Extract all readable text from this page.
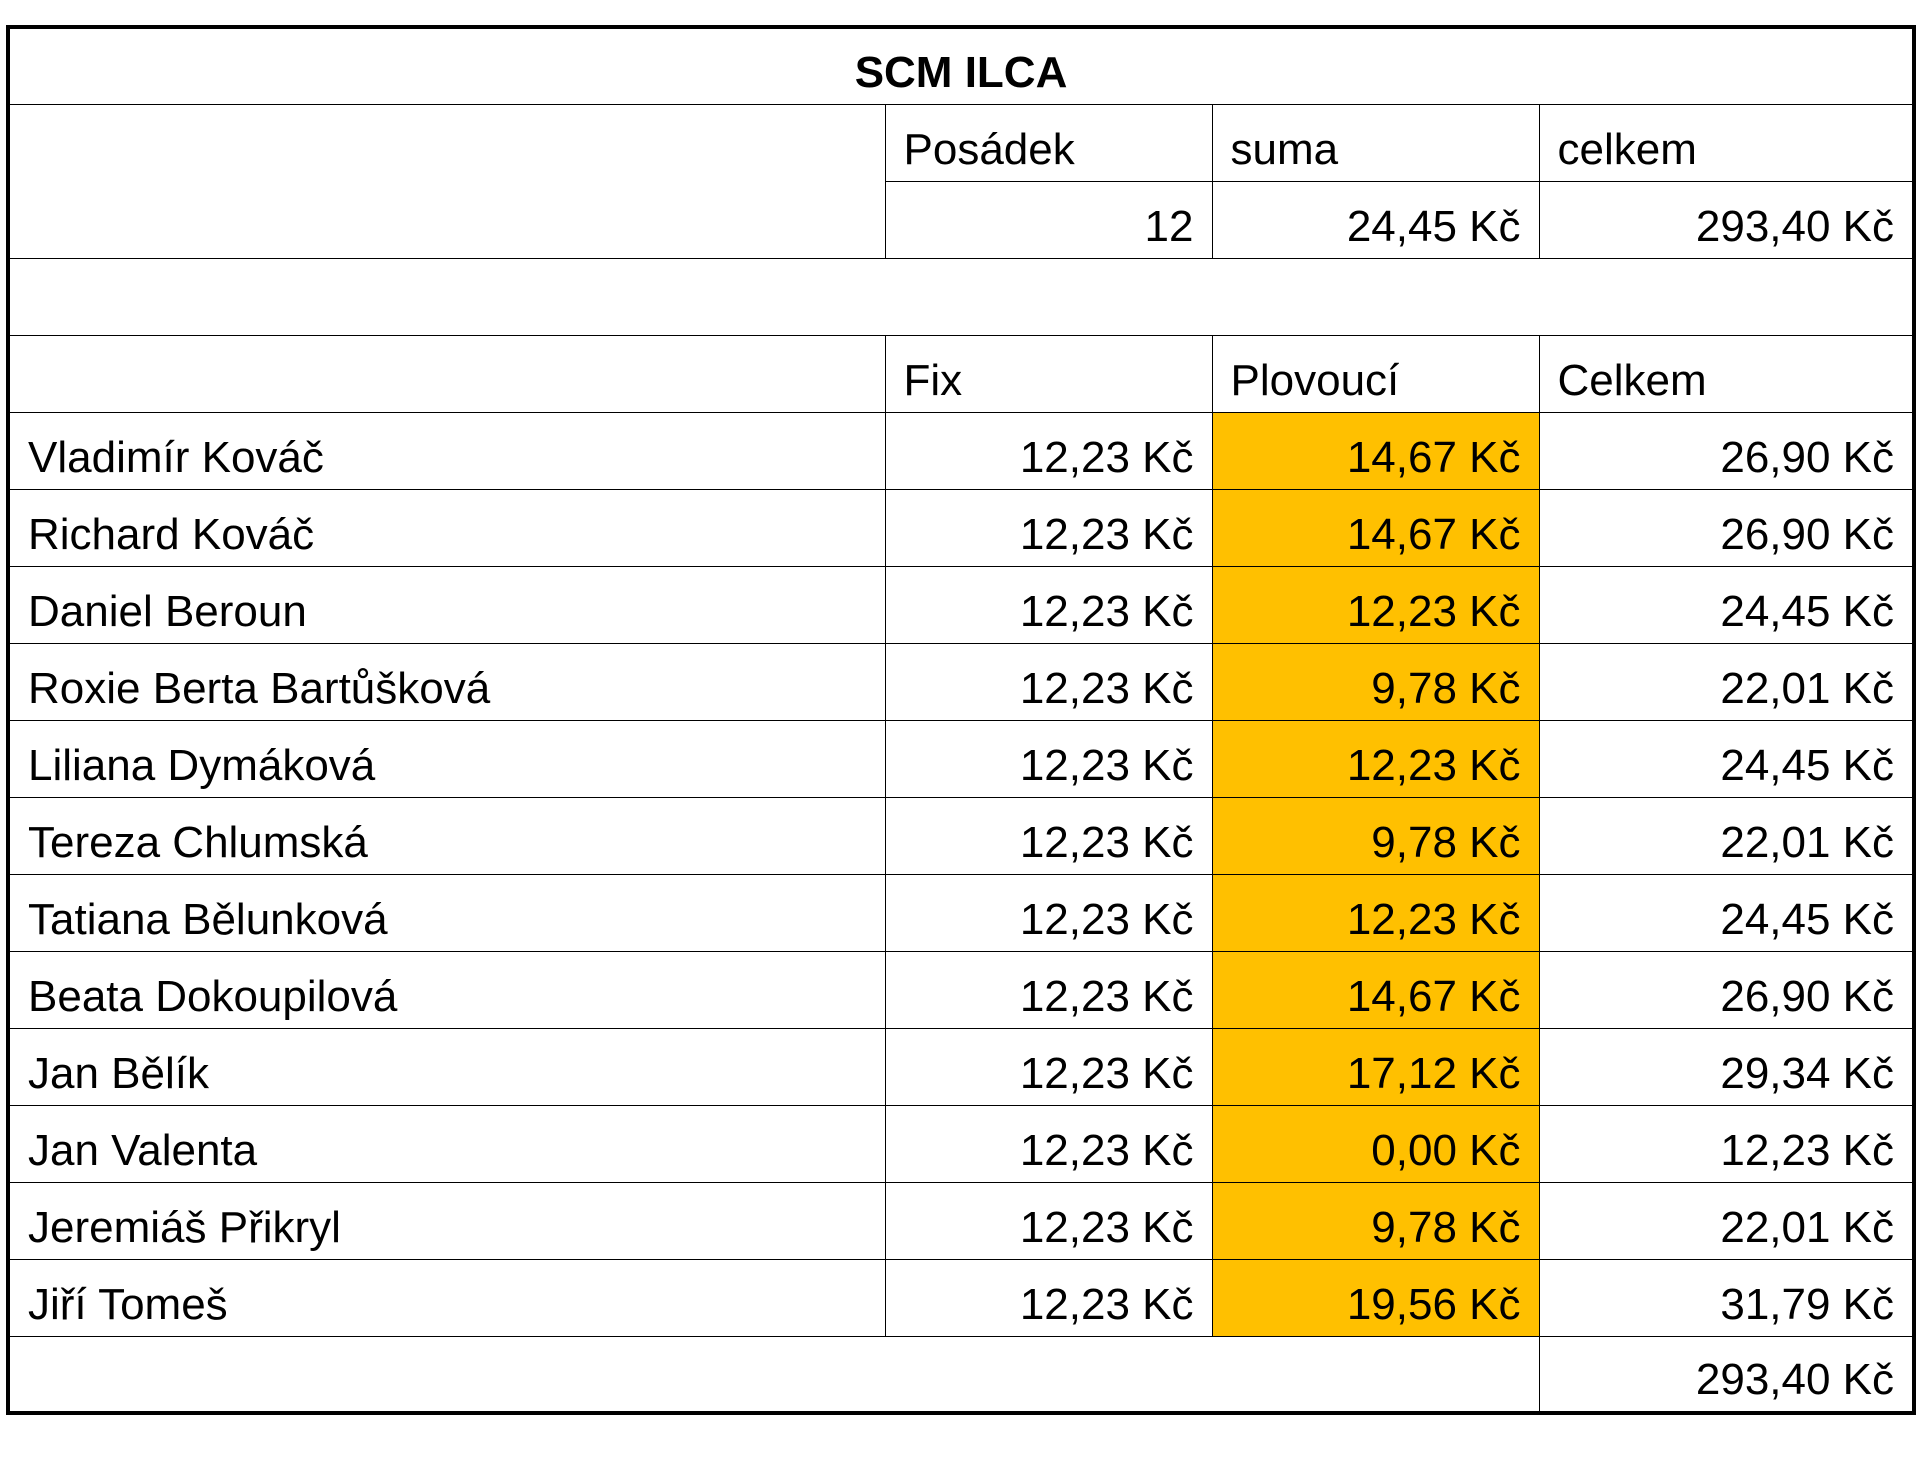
SCM ILCA			
	Posádek	suma	celkem
	12	24,45 Kč	293,40 Kč

	Fix	Plovoucí	Celkem
Vladimír Kováč	12,23 Kč	14,67 Kč	26,90 Kč
Richard Kováč	12,23 Kč	14,67 Kč	26,90 Kč
Daniel Beroun	12,23 Kč	12,23 Kč	24,45 Kč
Roxie Berta Bartůšková	12,23 Kč	9,78 Kč	22,01 Kč
Liliana Dymáková	12,23 Kč	12,23 Kč	24,45 Kč
Tereza Chlumská	12,23 Kč	9,78 Kč	22,01 Kč
Tatiana Bělunková	12,23 Kč	12,23 Kč	24,45 Kč
Beata Dokoupilová	12,23 Kč	14,67 Kč	26,90 Kč
Jan Bělík	12,23 Kč	17,12 Kč	29,34 Kč
Jan Valenta	12,23 Kč	0,00 Kč	12,23 Kč
Jeremiáš Přikryl	12,23 Kč	9,78 Kč	22,01 Kč
Jiří Tomeš	12,23 Kč	19,56 Kč	31,79 Kč
			293,40 Kč
